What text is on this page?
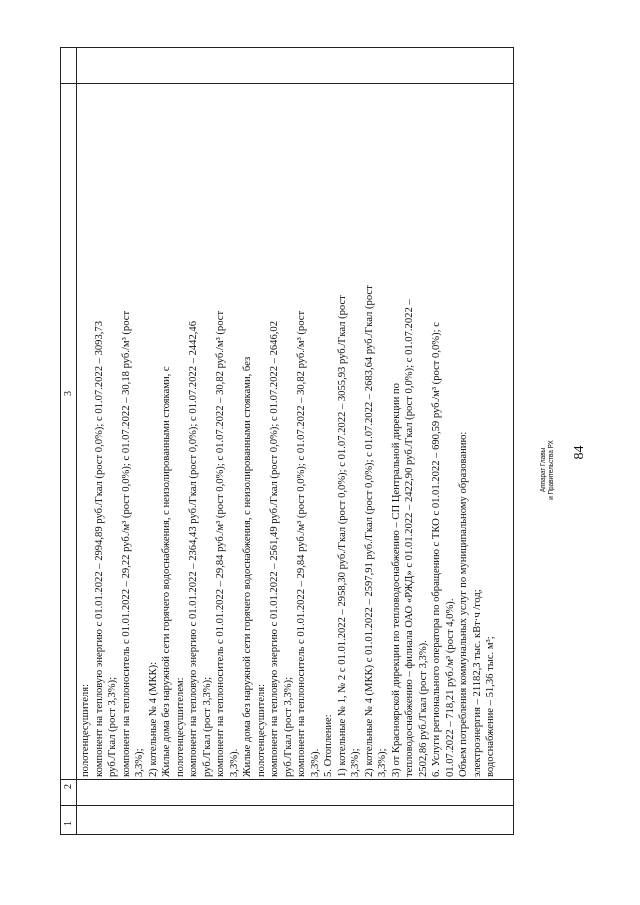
84
1
2
3
полотенцесушителя: компонент на тепловую энергию с 01.01.2022 – 2994,89 руб./Гкал (рост 0,0%); с 01.07.2022 – 3093,73 руб./Гкал (рост 3,3%); компонент на теплоноситель с 01.01.2022 – 29,22 руб./м³ (рост 0,0%); с 01.07.2022 – 30,18 руб./м³ (рост 3,3%); 2) котельные № 4 (МКК): Жилые дома без наружной сети горячего водоснабжения, с неизолированными стояками, с полотенцесушителем: компонент на тепловую энергию с 01.01.2022 – 2364,43 руб./Гкал (рост 0,0%); с 01.07.2022 – 2442,46 руб./Гкал (рост 3,3%); компонент на теплоноситель с 01.01.2022 – 29,84 руб./м³ (рост 0,0%); с 01.07.2022 – 30,82 руб./м³ (рост 3,3%). Жилые дома без наружной сети горячего водоснабжения, с неизолированными стояками, без полотенцесушителя: компонент на тепловую энергию с 01.01.2022 – 2561,49 руб./Гкал (рост 0,0%); с 01.07.2022 – 2646,02 руб./Гкал (рост 3,3%); компонент на теплоноситель с 01.01.2022 – 29,84 руб./м³ (рост 0,0%); с 01.07.2022 – 30,82 руб./м³ (рост 3,3%). 5. Отопление: 1) котельные № 1, № 2 с 01.01.2022 – 2958,30 руб./Гкал (рост 0,0%); с 01.07.2022 – 3055,93 руб./Гкал (рост 3,3%); 2) котельные № 4 (МКК) с 01.01.2022 – 2597,91 руб./Гкал (рост 0,0%); с 01.07.2022 – 2683,64 руб./Гкал (рост 3,3%); 3) от Красноярской дирекции по тепловодоснабжению – СП Центральной дирекции по тепловодоснабжению – филиала ОАО «РЖД» с 01.01.2022 – 2422,90 руб./Гкал (рост 0,0%); с 01.07.2022 – 2502,86 руб./Гкал (рост 3,3%). 6. Услуги регионального оператора по обращению с ТКО с 01.01.2022 – 690,59 руб./м³ (рост 0,0%); с 01.07.2022 – 718,21 руб./м³ (рост 4,0%). Объем потребления коммунальных услуг по муниципальному образованию: электроэнергия – 21182,3 тыс. кВт·ч /год; водоснабжение – 51,36 тыс. м³;
Аппарат Главы и Правительства РХ
